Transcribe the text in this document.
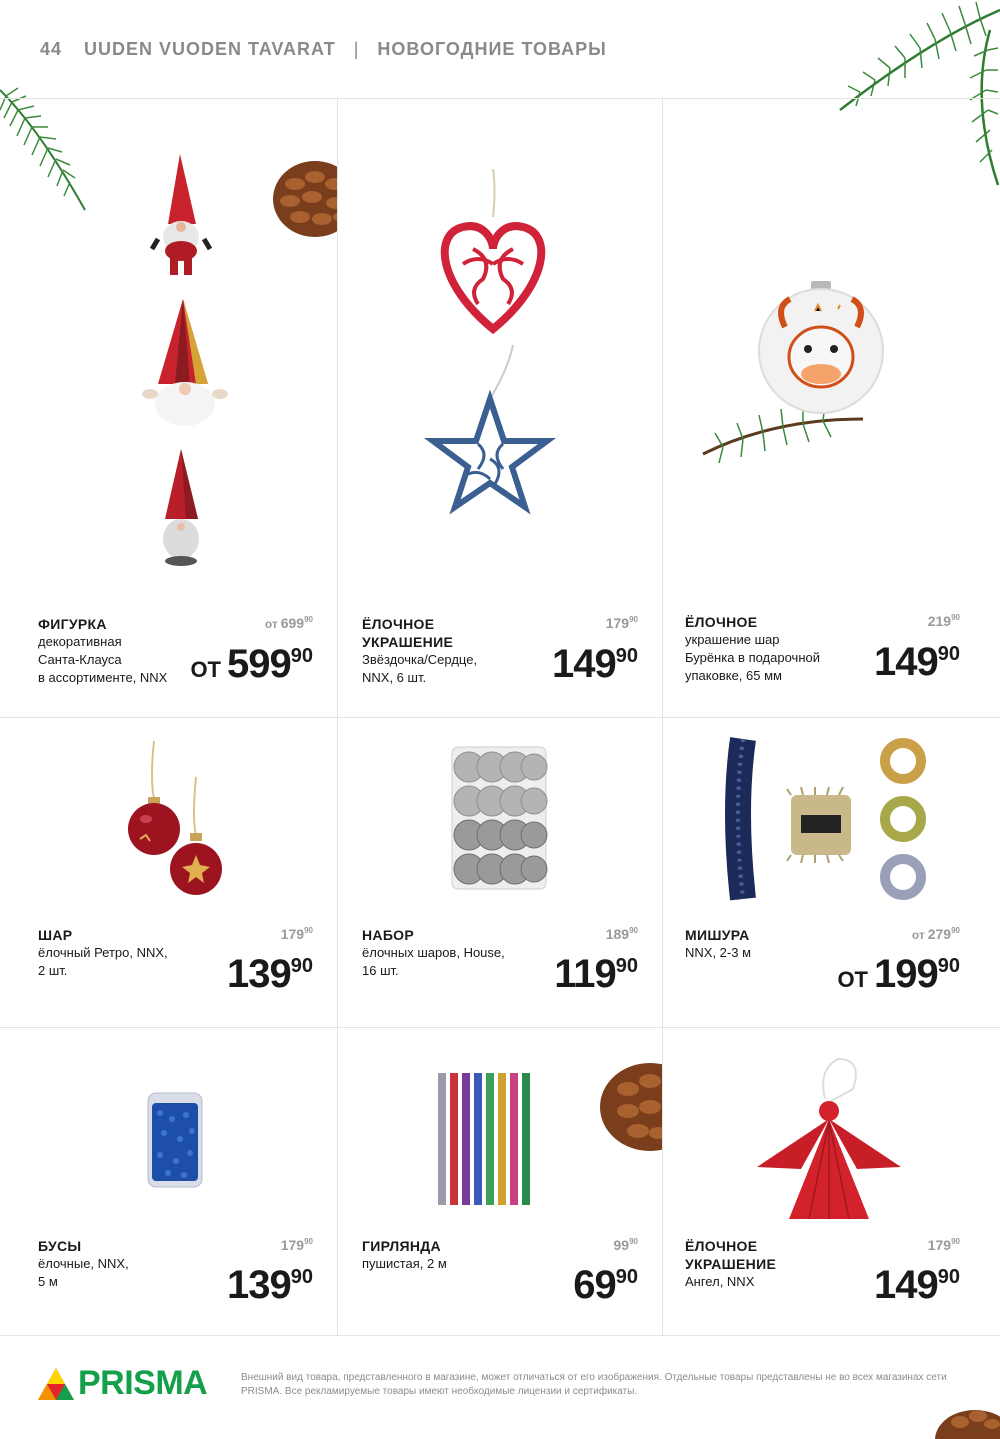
44 UUDEN VUODEN TAVARAT | НОВОГОДНИЕ ТОВАРЫ
ФИГУРКА
декоративная
Санта-Клауса
в ассортименте, NNX
от $699^{90}$
ОТ $599^{90}$
ЁЛОЧНОЕ
УКРАШЕНИЕ
Звёздочка/Сердце,
NNX, 6 шт.
$179^{90}$
$149^{90}$
ЁЛОЧНОЕ
украшение шар
Бурёнка в подарочной
упаковке, 65 мм
$219^{90}$
$149^{90}$
ШАР
ёлочный Ретро, NNX,
2 шт.
$179^{90}$
$139^{90}$
НАБОР
ёлочных шаров, House,
16 шт.
$189^{90}$
$119^{90}$
МИШУРА
NNX, 2-3 м
от $279^{90}$
ОТ $199^{90}$
БУСЫ
ёлочные, NNX,
5 м
$179^{90}$
$139^{90}$
ГИРЛЯНДА
пушистая, 2 м
$99^{90}$
$69^{90}$
ЁЛОЧНОЕ
УКРАШЕНИЕ
Ангел, NNX
$179^{90}$
$149^{90}$
PRISMA	Внешний вид товара, представленного в магазине, может отличаться от его изображения. Отдельные товары представлены не во всех магазинах сети PRISMA. Все рекламируемые товары имеют необходимые лицензии и сертификаты.
